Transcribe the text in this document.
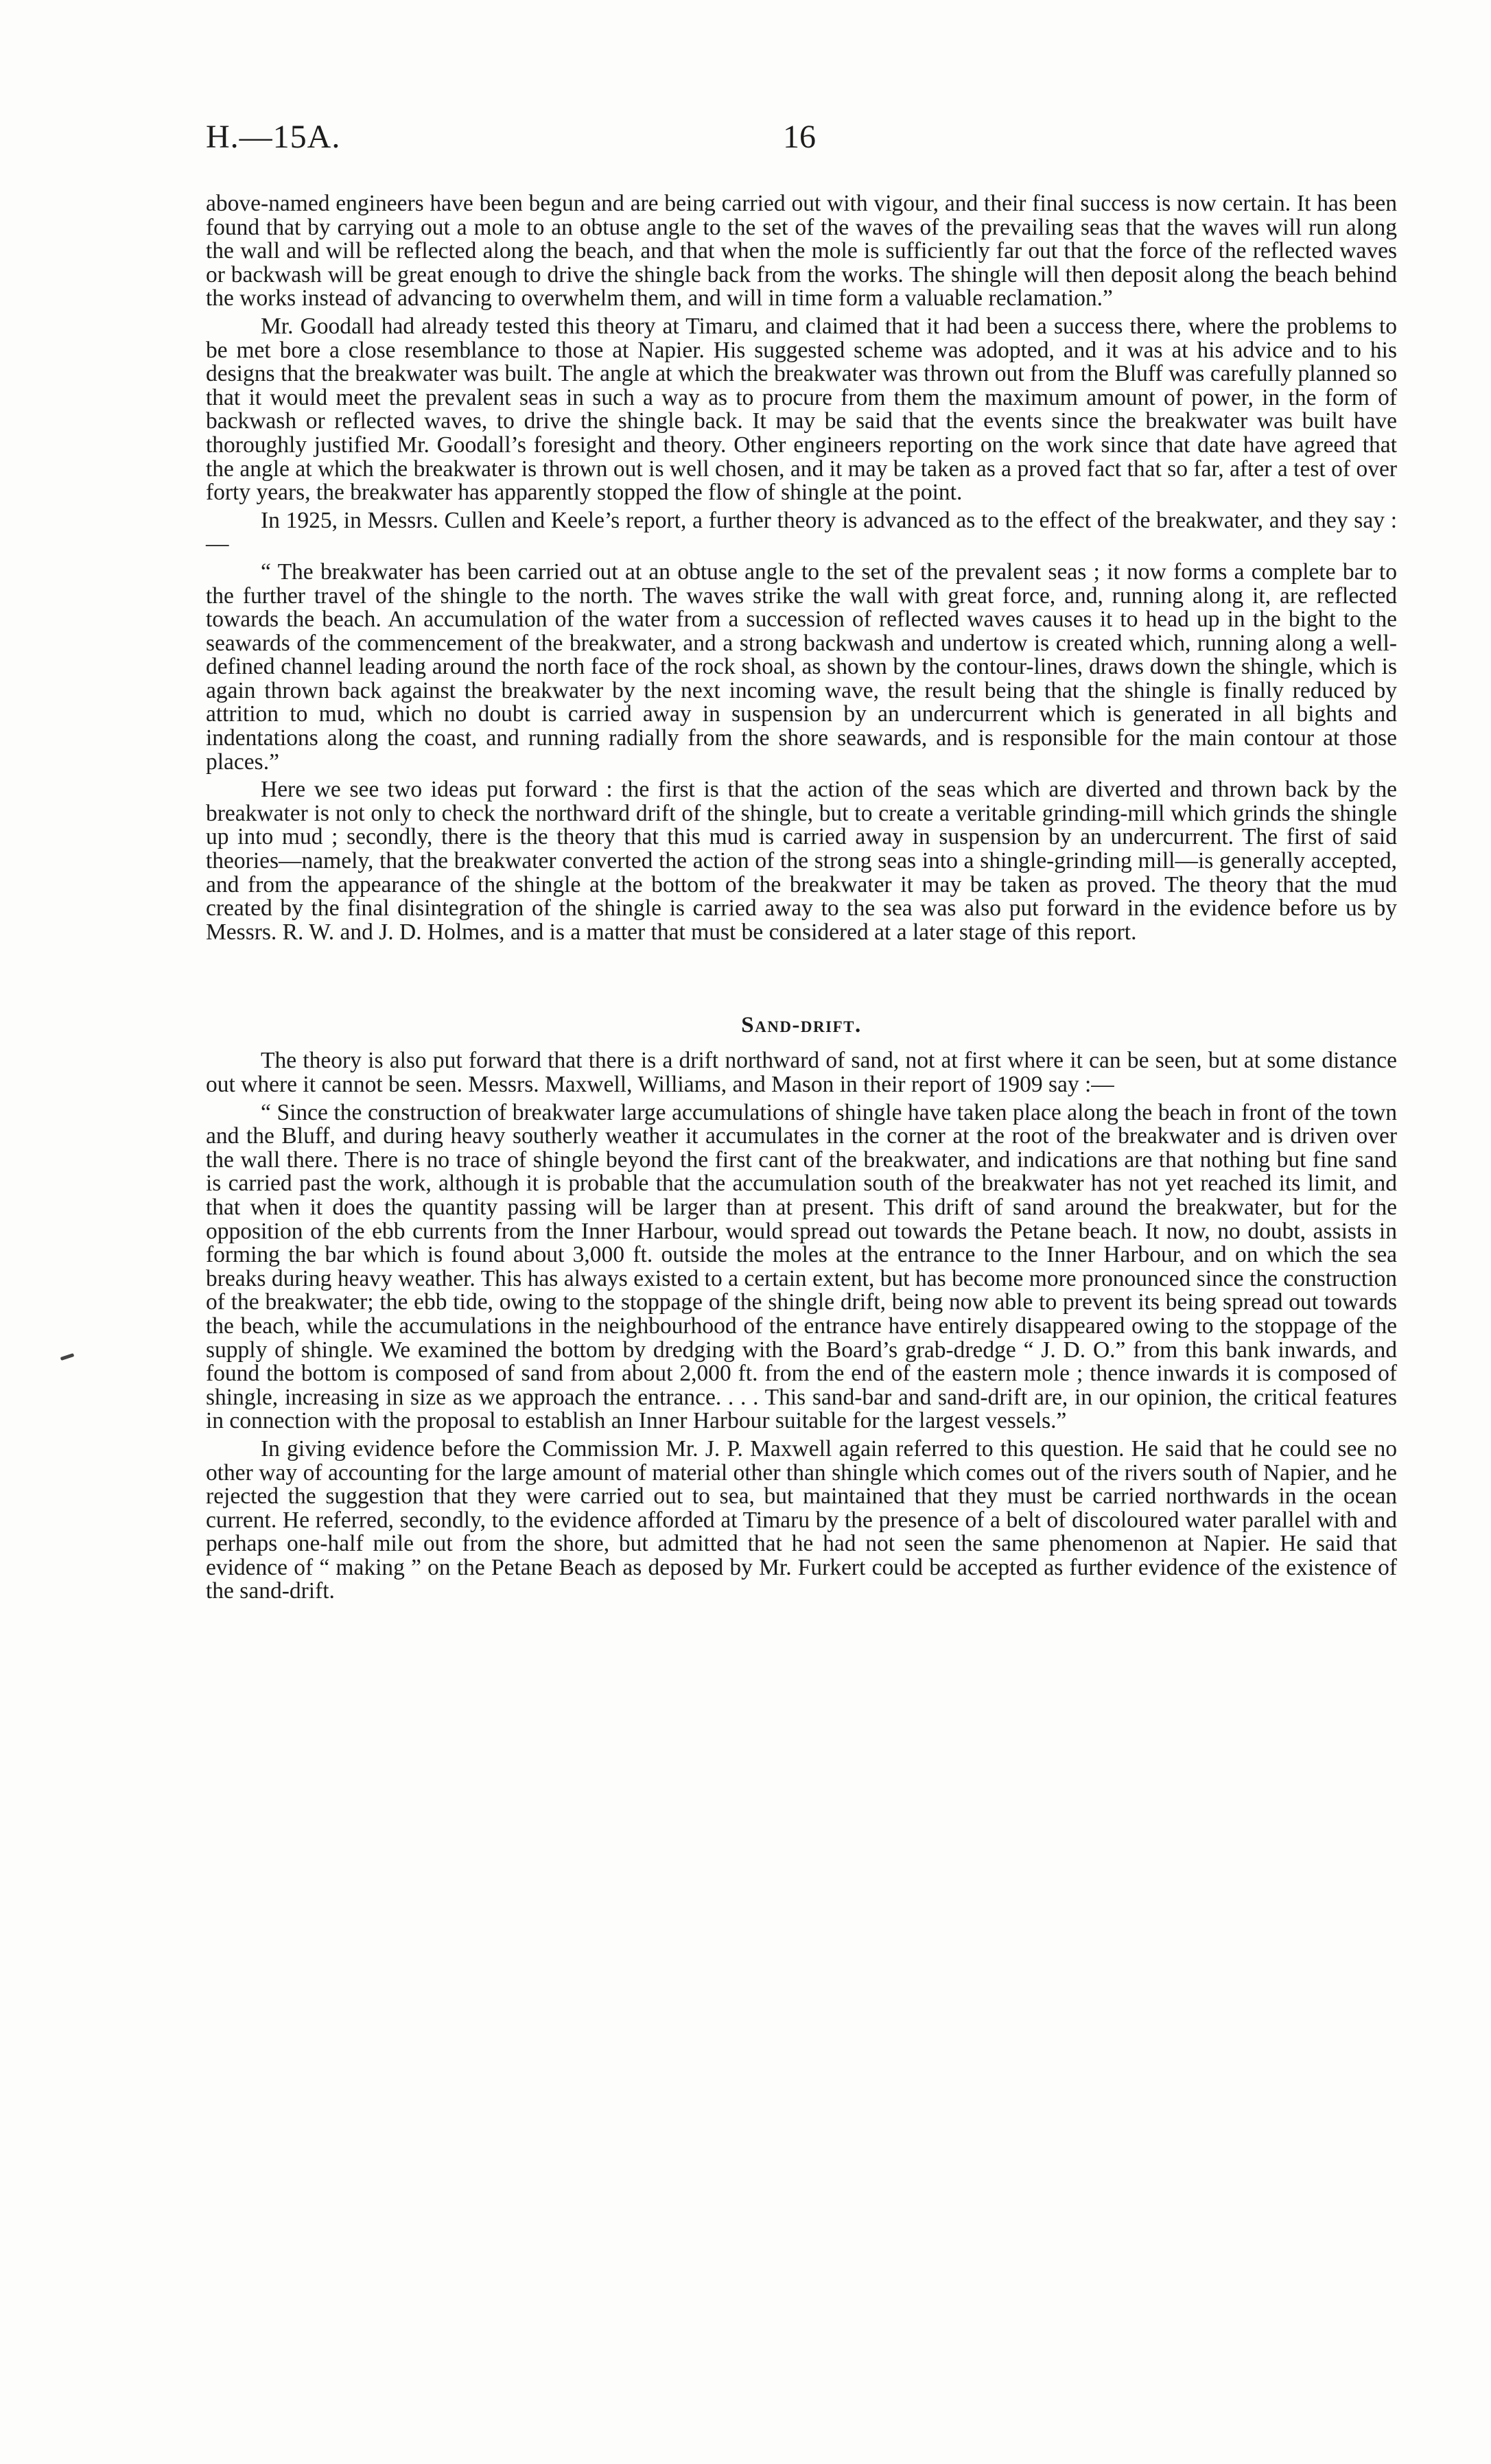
H.—15A.	16

above-named engineers have been begun and are being carried out with vigour, and their final success is now certain. It has been found that by carrying out a mole to an obtuse angle to the set of the waves of the prevailing seas that the waves will run along the wall and will be reflected along the beach, and that when the mole is sufficiently far out that the force of the reflected waves or backwash will be great enough to drive the shingle back from the works. The shingle will then deposit along the beach behind the works instead of advancing to overwhelm them, and will in time form a valuable reclamation.”

Mr. Goodall had already tested this theory at Timaru, and claimed that it had been a success there, where the problems to be met bore a close resemblance to those at Napier. His suggested scheme was adopted, and it was at his advice and to his designs that the breakwater was built. The angle at which the breakwater was thrown out from the Bluff was carefully planned so that it would meet the prevalent seas in such a way as to procure from them the maximum amount of power, in the form of backwash or reflected waves, to drive the shingle back. It may be said that the events since the breakwater was built have thoroughly justified Mr. Goodall’s foresight and theory. Other engineers reporting on the work since that date have agreed that the angle at which the breakwater is thrown out is well chosen, and it may be taken as a proved fact that so far, after a test of over forty years, the breakwater has apparently stopped the flow of shingle at the point.

In 1925, in Messrs. Cullen and Keele’s report, a further theory is advanced as to the effect of the breakwater, and they say :—

“ The breakwater has been carried out at an obtuse angle to the set of the prevalent seas ; it now forms a complete bar to the further travel of the shingle to the north. The waves strike the wall with great force, and, running along it, are reflected towards the beach. An accumulation of the water from a succession of reflected waves causes it to head up in the bight to the seawards of the commencement of the breakwater, and a strong backwash and undertow is created which, running along a well-defined channel leading around the north face of the rock shoal, as shown by the contour-lines, draws down the shingle, which is again thrown back against the breakwater by the next incoming wave, the result being that the shingle is finally reduced by attrition to mud, which no doubt is carried away in suspension by an undercurrent which is generated in all bights and indentations along the coast, and running radially from the shore seawards, and is responsible for the main contour at those places.”

Here we see two ideas put forward : the first is that the action of the seas which are diverted and thrown back by the breakwater is not only to check the northward drift of the shingle, but to create a veritable grinding-mill which grinds the shingle up into mud ; secondly, there is the theory that this mud is carried away in suspension by an undercurrent. The first of said theories—namely, that the breakwater converted the action of the strong seas into a shingle-grinding mill—is generally accepted, and from the appearance of the shingle at the bottom of the breakwater it may be taken as proved. The theory that the mud created by the final disintegration of the shingle is carried away to the sea was also put forward in the evidence before us by Messrs. R. W. and J. D. Holmes, and is a matter that must be considered at a later stage of this report.

Sand-drift.

The theory is also put forward that there is a drift northward of sand, not at first where it can be seen, but at some distance out where it cannot be seen. Messrs. Maxwell, Williams, and Mason in their report of 1909 say :—

“ Since the construction of breakwater large accumulations of shingle have taken place along the beach in front of the town and the Bluff, and during heavy southerly weather it accumulates in the corner at the root of the breakwater and is driven over the wall there. There is no trace of shingle beyond the first cant of the breakwater, and indications are that nothing but fine sand is carried past the work, although it is probable that the accumulation south of the breakwater has not yet reached its limit, and that when it does the quantity passing will be larger than at present. This drift of sand around the breakwater, but for the opposition of the ebb currents from the Inner Harbour, would spread out towards the Petane beach. It now, no doubt, assists in forming the bar which is found about 3,000 ft. outside the moles at the entrance to the Inner Harbour, and on which the sea breaks during heavy weather. This has always existed to a certain extent, but has become more pronounced since the construction of the breakwater; the ebb tide, owing to the stoppage of the shingle drift, being now able to prevent its being spread out towards the beach, while the accumulations in the neighbourhood of the entrance have entirely disappeared owing to the stoppage of the supply of shingle. We examined the bottom by dredging with the Board’s grab-dredge “ J. D. O.” from this bank inwards, and found the bottom is composed of sand from about 2,000 ft. from the end of the eastern mole ; thence inwards it is composed of shingle, increasing in size as we approach the entrance. . . . This sand-bar and sand-drift are, in our opinion, the critical features in connection with the proposal to establish an Inner Harbour suitable for the largest vessels.”

In giving evidence before the Commission Mr. J. P. Maxwell again referred to this question. He said that he could see no other way of accounting for the large amount of material other than shingle which comes out of the rivers south of Napier, and he rejected the suggestion that they were carried out to sea, but maintained that they must be carried northwards in the ocean current. He referred, secondly, to the evidence afforded at Timaru by the presence of a belt of discoloured water parallel with and perhaps one-half mile out from the shore, but admitted that he had not seen the same phenomenon at Napier. He said that evidence of “ making ” on the Petane Beach as deposed by Mr. Furkert could be accepted as further evidence of the existence of the sand-drift.
